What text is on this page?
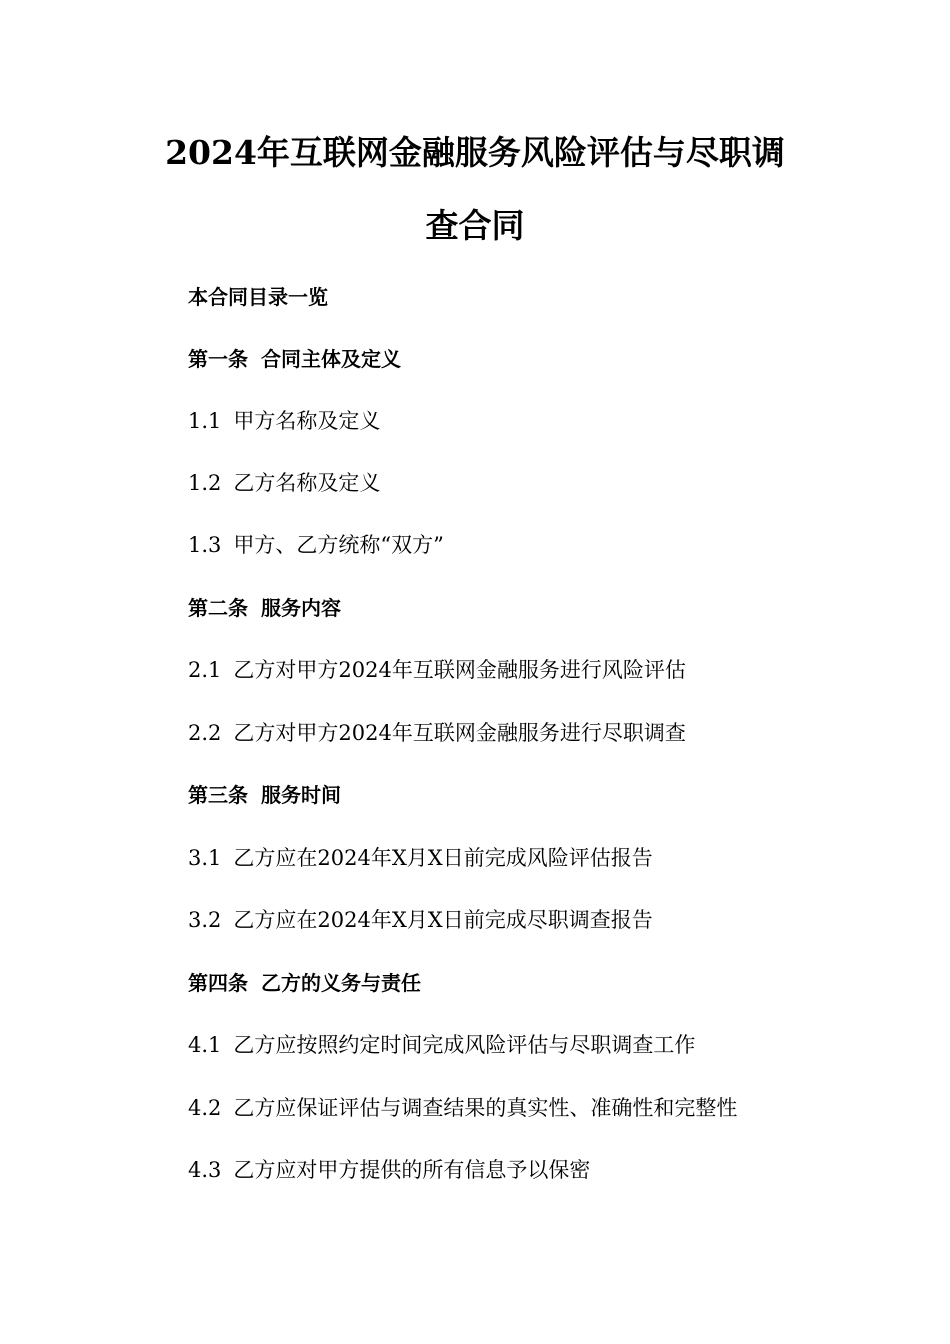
2024年互联网金融服务风险评估与尽职调
查合同
本合同目录一览
第一条 合同主体及定义
1.1 甲方名称及定义
1.2 乙方名称及定义
1.3 甲方、乙方统称“双方”
第二条 服务内容
2.1 乙方对甲方2024年互联网金融服务进行风险评估
2.2 乙方对甲方2024年互联网金融服务进行尽职调查
第三条 服务时间
3.1 乙方应在2024年X月X日前完成风险评估报告
3.2 乙方应在2024年X月X日前完成尽职调查报告
第四条 乙方的义务与责任
4.1 乙方应按照约定时间完成风险评估与尽职调查工作
4.2 乙方应保证评估与调查结果的真实性、准确性和完整性
4.3 乙方应对甲方提供的所有信息予以保密
